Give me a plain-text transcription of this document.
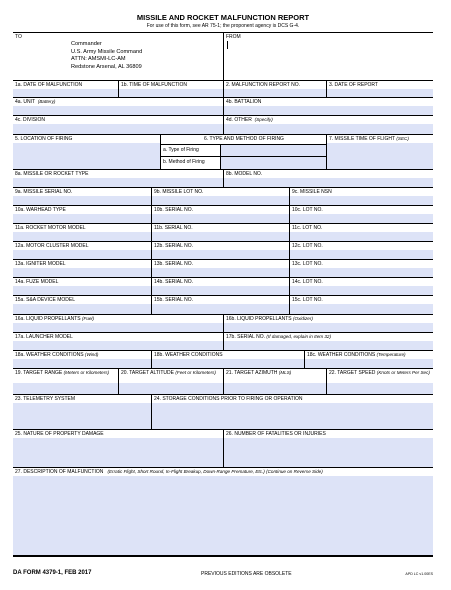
MISSILE AND ROCKET MALFUNCTION REPORT

For use of this form, see AR 75-1; the proponent agency is DCS G-4.

TO
Commander
U.S. Army Missile Command
ATTN: AMSMI-LC-AM
Redstone Arsenal, AL 36809
FROM
1a. DATE OF MALFUNCTION	1b. TIME OF MALFUNCTION	2. MALFUNCTION REPORT NO.	3. DATE OF REPORT
4a. UNIT (Battery)	4b. BATTALION
4c. DIVISION	4d. OTHER (Specify)
5. LOCATION OF FIRING	6. TYPE AND METHOD OF FIRING
a. Type of Firing
b. Method of Firing
7. MISSILE TIME OF FLIGHT (SEC)
8a. MISSILE OR ROCKET TYPE	8b. MODEL NO.
9a. MISSILE SERIAL NO.	9b. MISSILE LOT NO.	9c. MISSILE NSN
10a. WARHEAD TYPE	10b. SERIAL NO.	10c. LOT NO.
11a. ROCKET MOTOR MODEL	11b. SERIAL NO.	11c. LOT NO.
12a. MOTOR CLUSTER MODEL	12b. SERIAL NO.	12c. LOT NO.
13a. IGNITER MODEL	13b. SERIAL NO.	13c. LOT NO.
14a. FUZE MODEL	14b. SERIAL NO.	14c. LOT NO.
15a. S&A DEVICE MODEL	15b. SERIAL NO.	15c. LOT NO.
16a. LIQUID PROPELLANTS (Fuel)	16b. LIQUID PROPELLANTS (Oxidizer)
17a. LAUNCHER MODEL	17b. SERIAL NO. (If damaged, explain in Item 32)
18a. WEATHER CONDITIONS (Wind)	18b. WEATHER CONDITIONS	18c. WEATHER CONDITIONS (Temperature)
19. TARGET RANGE (Meters or Kilometers)	20. TARGET ALTITUDE (Feet or Kilometers)	21. TARGET AZIMUTH (MLS)	22. TARGET SPEED (Knots or Meters Per Sec)
23. TELEMETRY SYSTEM	24. STORAGE CONDITIONS PRIOR TO FIRING OR OPERATION
25. NATURE OF PROPERTY DAMAGE	26. NUMBER OF FATALITIES OR INJURIES
27. DESCRIPTION OF MALFUNCTION (Erratic Flight, Short Round, In-Flight Breakup, Down-Range Premature, Etc.) (Continue on Reverse Side)
DA FORM 4379-1, FEB 2017	PREVIOUS EDITIONS ARE OBSOLETE	APD LC v1.00ES
